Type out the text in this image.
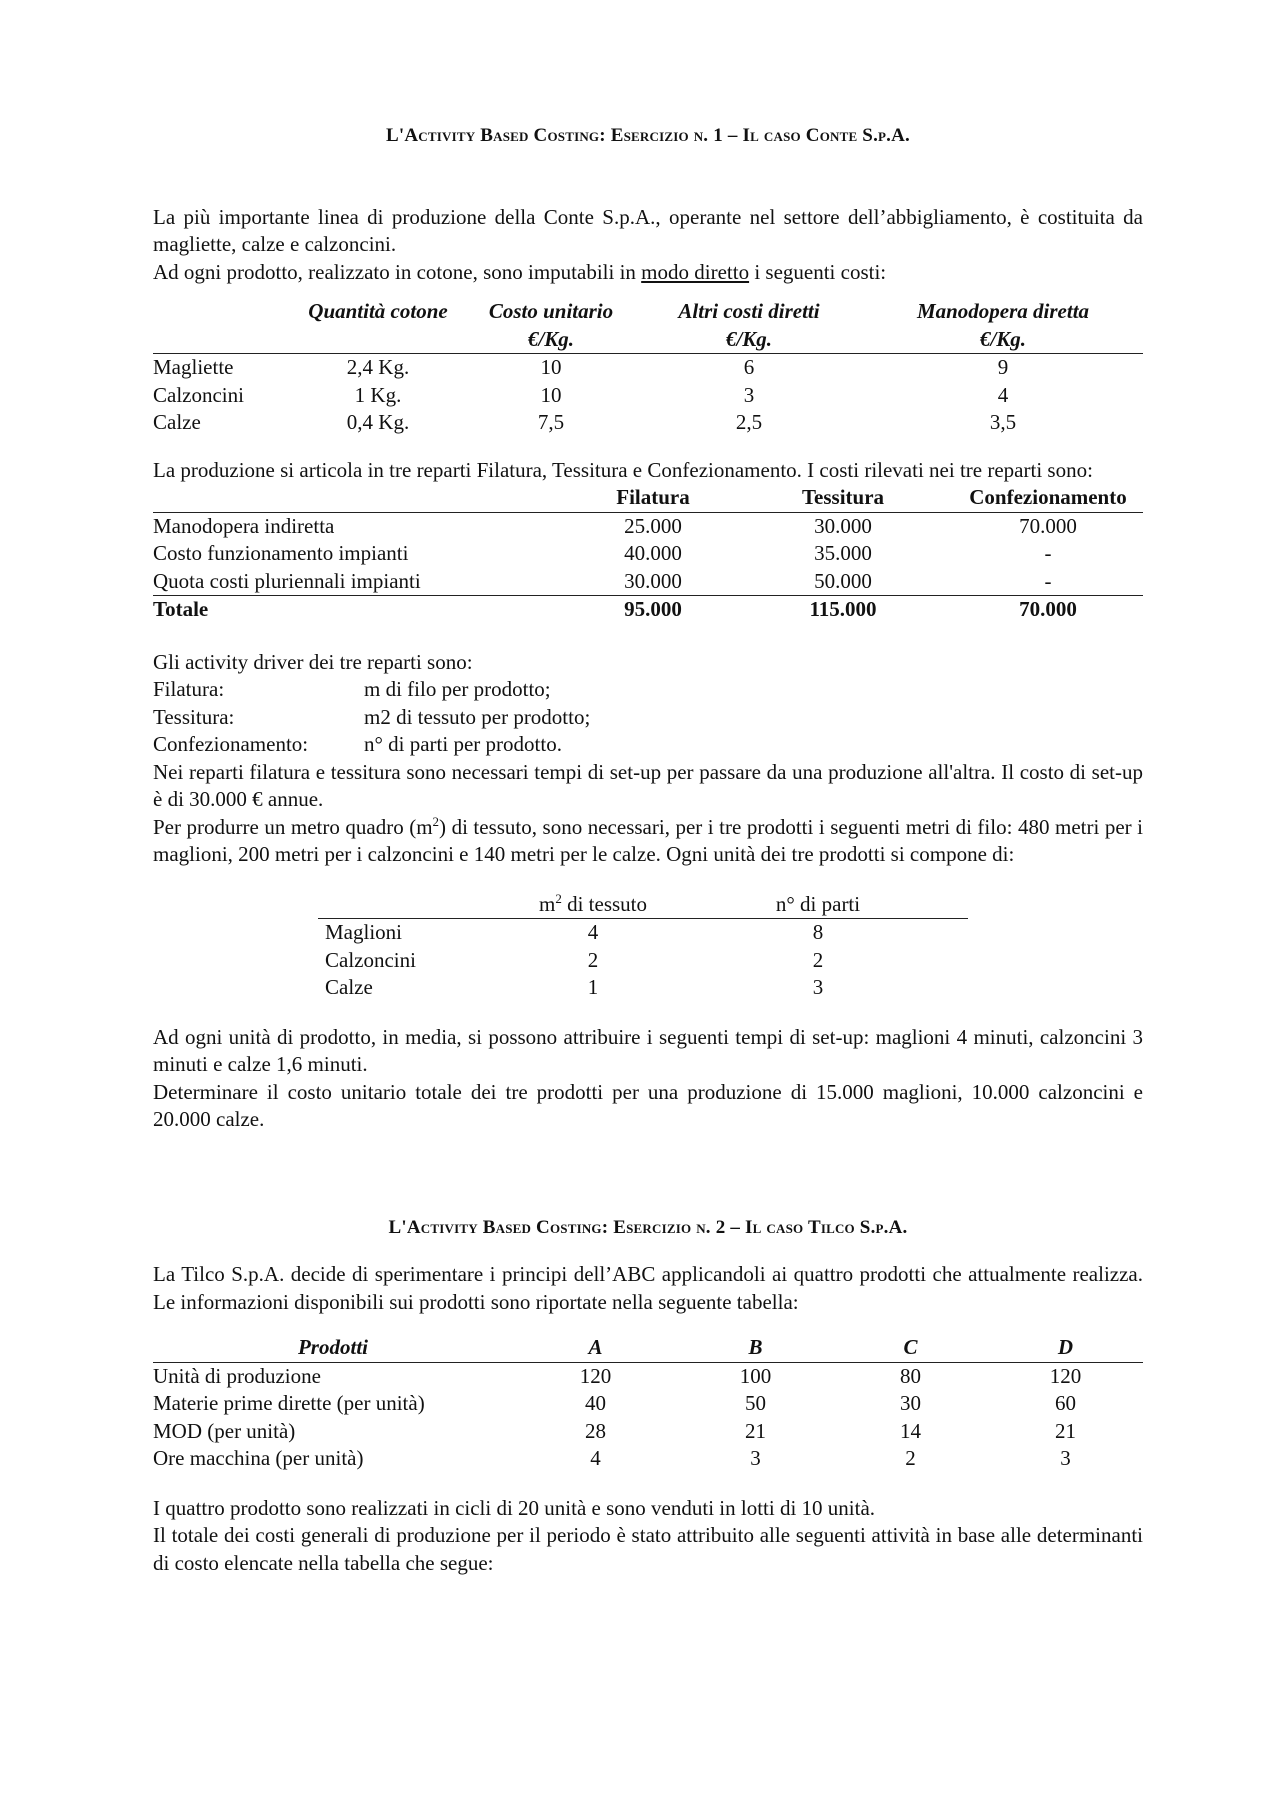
L'Activity Based Costing: Esercizio n. 1 – Il caso Conte S.p.A.

La più importante linea di produzione della Conte S.p.A., operante nel settore dell’abbigliamento, è costituita da magliette, calze e calzoncini.

Ad ogni prodotto, realizzato in cotone, sono imputabili in modo diretto i seguenti costi:

	Quantità cotone	Costo unitario	Altri costi diretti	Manodopera diretta
		€/Kg.	€/Kg.	€/Kg.
Magliette	2,4 Kg.	10	6	9
Calzoncini	1 Kg.	10	3	4
Calze	0,4 Kg.	7,5	2,5	3,5

La produzione si articola in tre reparti Filatura, Tessitura e Confezionamento. I costi rilevati nei tre reparti sono:

	Filatura	Tessitura	Confezionamento
Manodopera indiretta	25.000	30.000	70.000
Costo funzionamento impianti	40.000	35.000	-
Quota costi pluriennali impianti	30.000	50.000	-
Totale	95.000	115.000	70.000

Gli activity driver dei tre reparti sono:

Filatura:	m di filo per prodotto;
Tessitura:	m2 di tessuto per prodotto;
Confezionamento:	n° di parti per prodotto.

Nei reparti filatura e tessitura sono necessari tempi di set-up per passare da una produzione all'altra. Il costo di set-up è di 30.000 € annue.

Per produrre un metro quadro $(m^2)$ di tessuto, sono necessari, per i tre prodotti i seguenti metri di filo: 480 metri per i maglioni, 200 metri per i calzoncini e 140 metri per le calze. Ogni unità dei tre prodotti si compone di:

	$m^2$ di tessuto	n° di parti
Maglioni	4	8
Calzoncini	2	2
Calze	1	3

Ad ogni unità di prodotto, in media, si possono attribuire i seguenti tempi di set-up: maglioni 4 minuti, calzoncini 3 minuti e calze 1,6 minuti.

Determinare il costo unitario totale dei tre prodotti per una produzione di 15.000 maglioni, 10.000 calzoncini e 20.000 calze.

L'Activity Based Costing: Esercizio n. 2 – Il caso Tilco S.p.A.

La Tilco S.p.A. decide di sperimentare i principi dell’ABC applicandoli ai quattro prodotti che attualmente realizza. Le informazioni disponibili sui prodotti sono riportate nella seguente tabella:

Prodotti	A	B	C	D
Unità di produzione	120	100	80	120
Materie prime dirette (per unità)	40	50	30	60
MOD (per unità)	28	21	14	21
Ore macchina (per unità)	4	3	2	3

I quattro prodotto sono realizzati in cicli di 20 unità e sono venduti in lotti di 10 unità.

Il totale dei costi generali di produzione per il periodo è stato attribuito alle seguenti attività in base alle determinanti di costo elencate nella tabella che segue:
